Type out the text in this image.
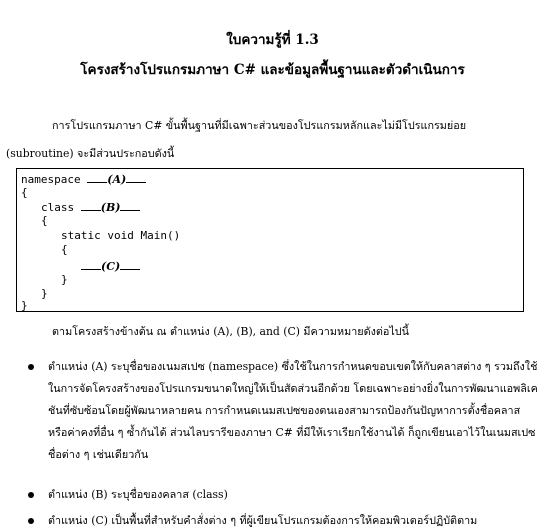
ใบความรู้ที่ 1.3
โครงสร้างโปรแกรมภาษา C# และข้อมูลพื้นฐานและตัวดำเนินการ
การโปรแกรมภาษา C# ขั้นพื้นฐานที่มีเฉพาะส่วนของโปรแกรมหลักและไม่มีโปรแกรมย่อย (subroutine) จะมีส่วนประกอบดังนี้
namespace (A)
{
class (B)
{
static void Main()
{
(C)
}
}
}
ตามโครงสร้างข้างต้น ณ ตำแหน่ง (A), (B), and (C) มีความหมายดังต่อไปนี้
ตำแหน่ง (A) ระบุชื่อของเนมสเปซ (namespace) ซึ่งใช้ในการกำหนดขอบเขตให้กับคลาสต่าง ๆ รวมถึงใช้ในการจัดโครงสร้างของโปรแกรมขนาดใหญ่ให้เป็นสัดส่วนอีกด้วย โดยเฉพาะอย่างยิ่งในการพัฒนาแอพลิเคชันที่ซับซ้อนโดยผู้พัฒนาหลายคน การกำหนดเนมสเปซของตนเองสามารถป้องกันปัญหาการตั้งชื่อคลาสหรือค่าคงที่อื่น ๆ ซ้ำกันได้ ส่วนไลบรารีของภาษา C# ที่มีให้เราเรียกใช้งานได้ ก็ถูกเขียนเอาไว้ในเนมสเปซชื่อต่าง ๆ เช่นเดียวกัน
ตำแหน่ง (B) ระบุชื่อของคลาส (class)
ตำแหน่ง (C) เป็นพื้นที่สำหรับคำสั่งต่าง ๆ ที่ผู้เขียนโปรแกรมต้องการให้คอมพิวเตอร์ปฏิบัติตาม
